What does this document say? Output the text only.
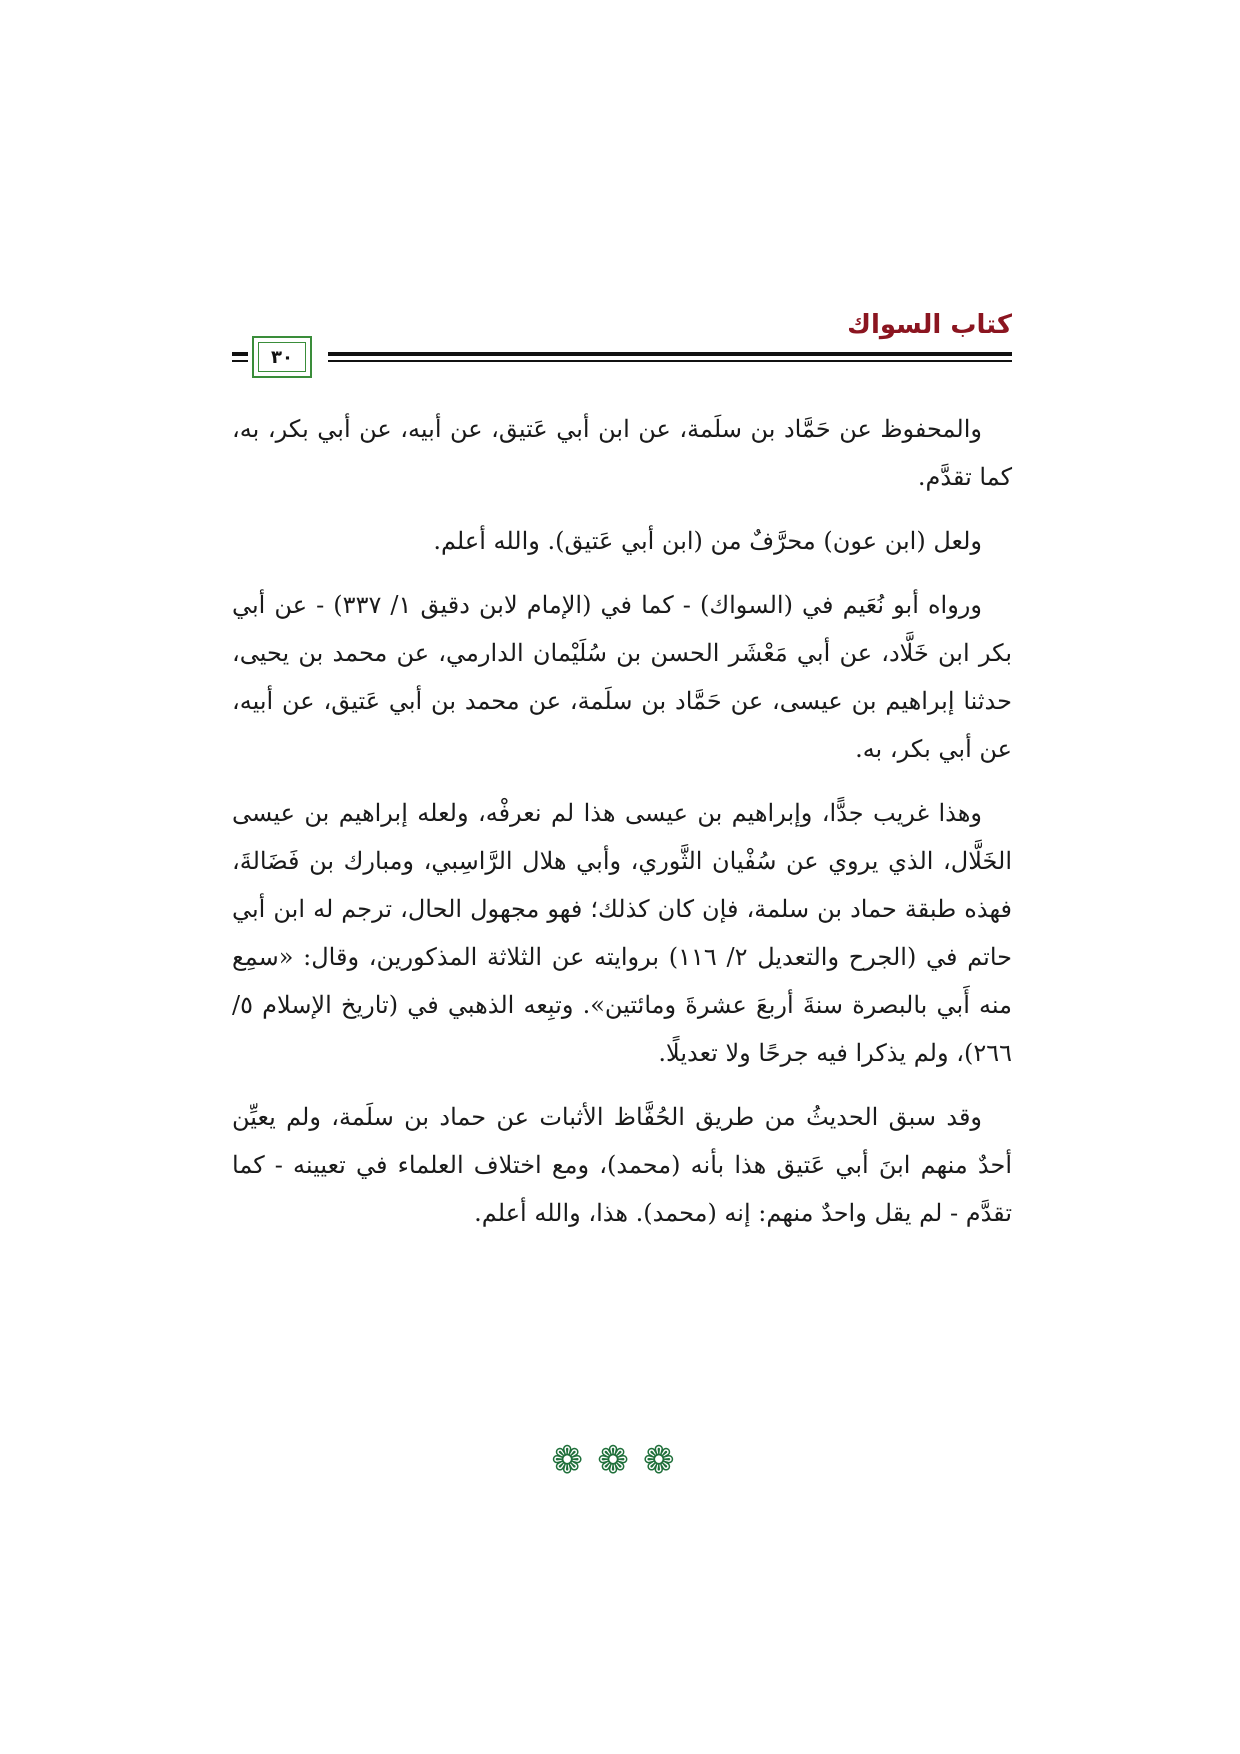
كتاب السواك
٣٠

والمحفوظ عن حَمَّاد بن سلَمة، عن ابن أبي عَتيق، عن أبيه، عن أبي بكر، به، كما تقدَّم.

ولعل (ابن عون) محرَّفٌ من (ابن أبي عَتيق). والله أعلم.

ورواه أبو نُعَيم في (السواك) - كما في (الإمام لابن دقيق ١/ ٣٣٧) - عن أبي بكر ابن خَلَّاد، عن أبي مَعْشَر الحسن بن سُلَيْمان الدارمي، عن محمد بن يحيى، حدثنا إبراهيم بن عيسى، عن حَمَّاد بن سلَمة، عن محمد بن أبي عَتيق، عن أبيه، عن أبي بكر، به.

وهذا غريب جدًّا، وإبراهيم بن عيسى هذا لم نعرفْه، ولعله إبراهيم بن عيسى الخَلَّال، الذي يروي عن سُفْيان الثَّوري، وأبي هلال الرَّاسِبي، ومبارك بن فَضَالةَ، فهذه طبقة حماد بن سلمة، فإن كان كذلك؛ فهو مجهول الحال، ترجم له ابن أبي حاتم في (الجرح والتعديل ٢/ ١١٦) بروايته عن الثلاثة المذكورين، وقال: «سمِع منه أَبي بالبصرة سنةَ أربعَ عشرةَ ومائتين». وتبِعه الذهبي في (تاريخ الإسلام ٥/ ٢٦٦)، ولم يذكرا فيه جرحًا ولا تعديلًا.

وقد سبق الحديثُ من طريق الحُفَّاظ الأثبات عن حماد بن سلَمة، ولم يعيِّن أحدٌ منهم ابنَ أبي عَتيق هذا بأنه (محمد)، ومع اختلاف العلماء في تعيينه - كما تقدَّم - لم يقل واحدٌ منهم: إنه (محمد). هذا، والله أعلم.

❁❁❁
